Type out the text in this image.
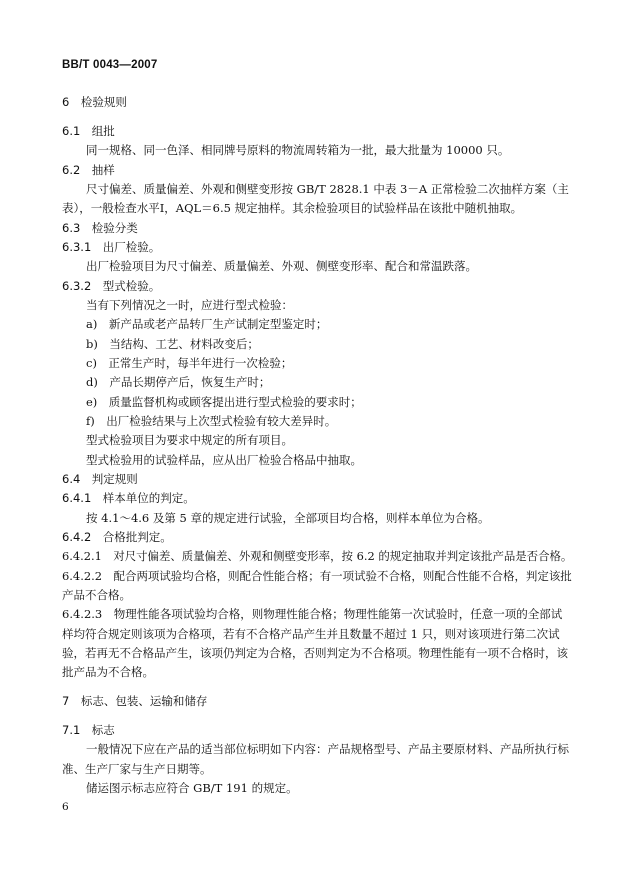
BB/T 0043—2007
6　检验规则
6.1　组批
同一规格、同一色泽、相同牌号原料的物流周转箱为一批，最大批量为 10000 只。
6.2　抽样
尺寸偏差、质量偏差、外观和侧壁变形按 GB/T 2828.1 中表 3－A 正常检验二次抽样方案（主
表），一般检查水平Ⅰ，AQL＝6.5 规定抽样。其余检验项目的试验样品在该批中随机抽取。
6.3　检验分类
6.3.1　出厂检验。
出厂检验项目为尺寸偏差、质量偏差、外观、侧壁变形率、配合和常温跌落。
6.3.2　型式检验。
当有下列情况之一时，应进行型式检验：
a)　新产品或老产品转厂生产试制定型鉴定时；
b)　当结构、工艺、材料改变后；
c)　正常生产时，每半年进行一次检验；
d)　产品长期停产后，恢复生产时；
e)　质量监督机构或顾客提出进行型式检验的要求时；
f)　出厂检验结果与上次型式检验有较大差异时。
型式检验项目为要求中规定的所有项目。
型式检验用的试验样品，应从出厂检验合格品中抽取。
6.4　判定规则
6.4.1　样本单位的判定。
按 4.1～4.6 及第 5 章的规定进行试验，全部项目均合格，则样本单位为合格。
6.4.2　合格批判定。
6.4.2.1　对尺寸偏差、质量偏差、外观和侧壁变形率，按 6.2 的规定抽取并判定该批产品是否合格。
6.4.2.2　配合两项试验均合格，则配合性能合格；有一项试验不合格，则配合性能不合格，判定该批
产品不合格。
6.4.2.3　物理性能各项试验均合格，则物理性能合格；物理性能第一次试验时，任意一项的全部试
样均符合规定则该项为合格项，若有不合格产品产生并且数量不超过 1 只，则对该项进行第二次试
验，若再无不合格品产生，该项仍判定为合格，否则判定为不合格项。物理性能有一项不合格时，该
批产品为不合格。
7　标志、包装、运输和储存
7.1　标志
一般情况下应在产品的适当部位标明如下内容：产品规格型号、产品主要原材料、产品所执行标
准、生产厂家与生产日期等。
储运图示标志应符合 GB/T 191 的规定。
6
